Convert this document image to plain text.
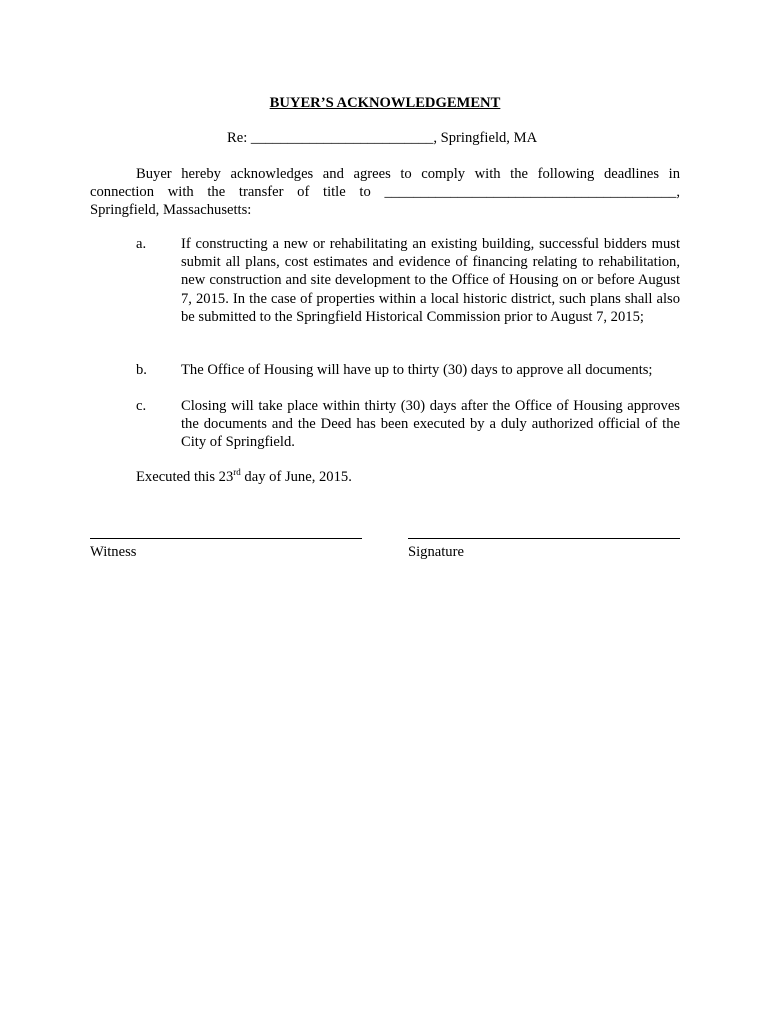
BUYER’S ACKNOWLEDGEMENT
Re: _________________________, Springfield, MA
Buyer hereby acknowledges and agrees to comply with the following deadlines in connection with the transfer of title to ________________________________________, Springfield, Massachusetts:
a. If constructing a new or rehabilitating an existing building, successful bidders must submit all plans, cost estimates and evidence of financing relating to rehabilitation, new construction and site development to the Office of Housing on or before August 7, 2015. In the case of properties within a local historic district, such plans shall also be submitted to the Springfield Historical Commission prior to August 7, 2015;
b. The Office of Housing will have up to thirty (30) days to approve all documents;
c. Closing will take place within thirty (30) days after the Office of Housing approves the documents and the Deed has been executed by a duly authorized official of the City of Springfield.
Executed this 23rd day of June, 2015.
Witness	Signature
